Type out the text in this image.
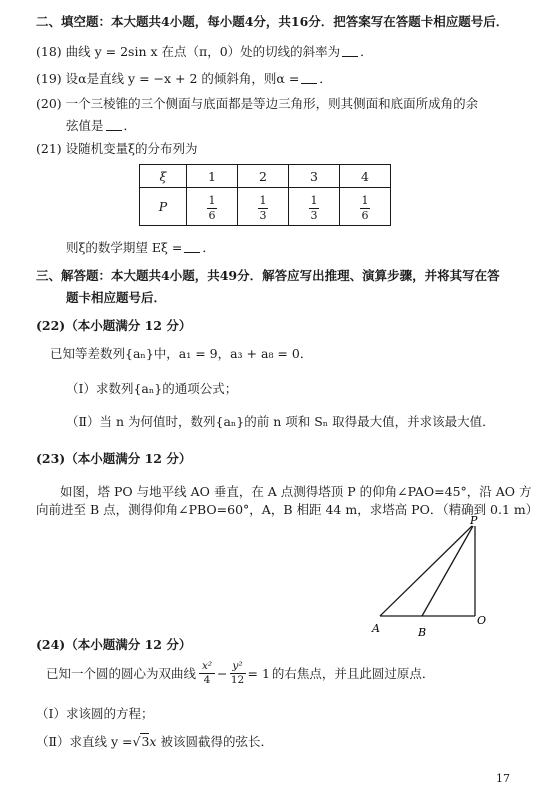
二、填空题：本大题共4小题，每小题4分，共16分．把答案写在答题卡相应题号后．
(18) 曲线 y = 2sin x 在点（π，0）处的切线的斜率为 ．
(19) 设α是直线 y = −x + 2 的倾斜角，则α = ．
(20) 一个三棱锥的三个侧面与底面都是等边三角形，则其侧面和底面所成角的余
弦值是 ．
(21) 设随机变量ξ的分布列为
ξ	1	2	3	4
P	$\frac{1}{6}$	$\frac{1}{3}$	$\frac{1}{3}$	$\frac{1}{6}$
则ξ的数学期望 Eξ = ．
三、解答题：本大题共4小题，共49分．解答应写出推理、演算步骤，并将其写在答
题卡相应题号后．
(22)（本小题满分 12 分）
已知等差数列{aₙ}中，a₁ = 9，a₃ + a₈ = 0．
（Ⅰ）求数列{aₙ}的通项公式；
（Ⅱ）当 n 为何值时，数列{aₙ}的前 n 项和 Sₙ 取得最大值，并求该最大值．
(23)（本小题满分 12 分）
如图，塔 PO 与地平线 AO 垂直，在 A 点测得塔顶 P 的仰角∠PAO=45°，沿 AO 方
向前进至 B 点，测得仰角∠PBO=60°，A，B 相距 44 m，求塔高 PO．（精确到 0.1 m）
P
A	B
O
(24)（本小题满分 12 分）
已知一个圆的圆心为双曲线 x²
4 − y²
12 = 1 的右焦点，并且此圆过原点．
（Ⅰ）求该圆的方程；
（Ⅱ）求直线 y =√3x 被该圆截得的弦长．
17
